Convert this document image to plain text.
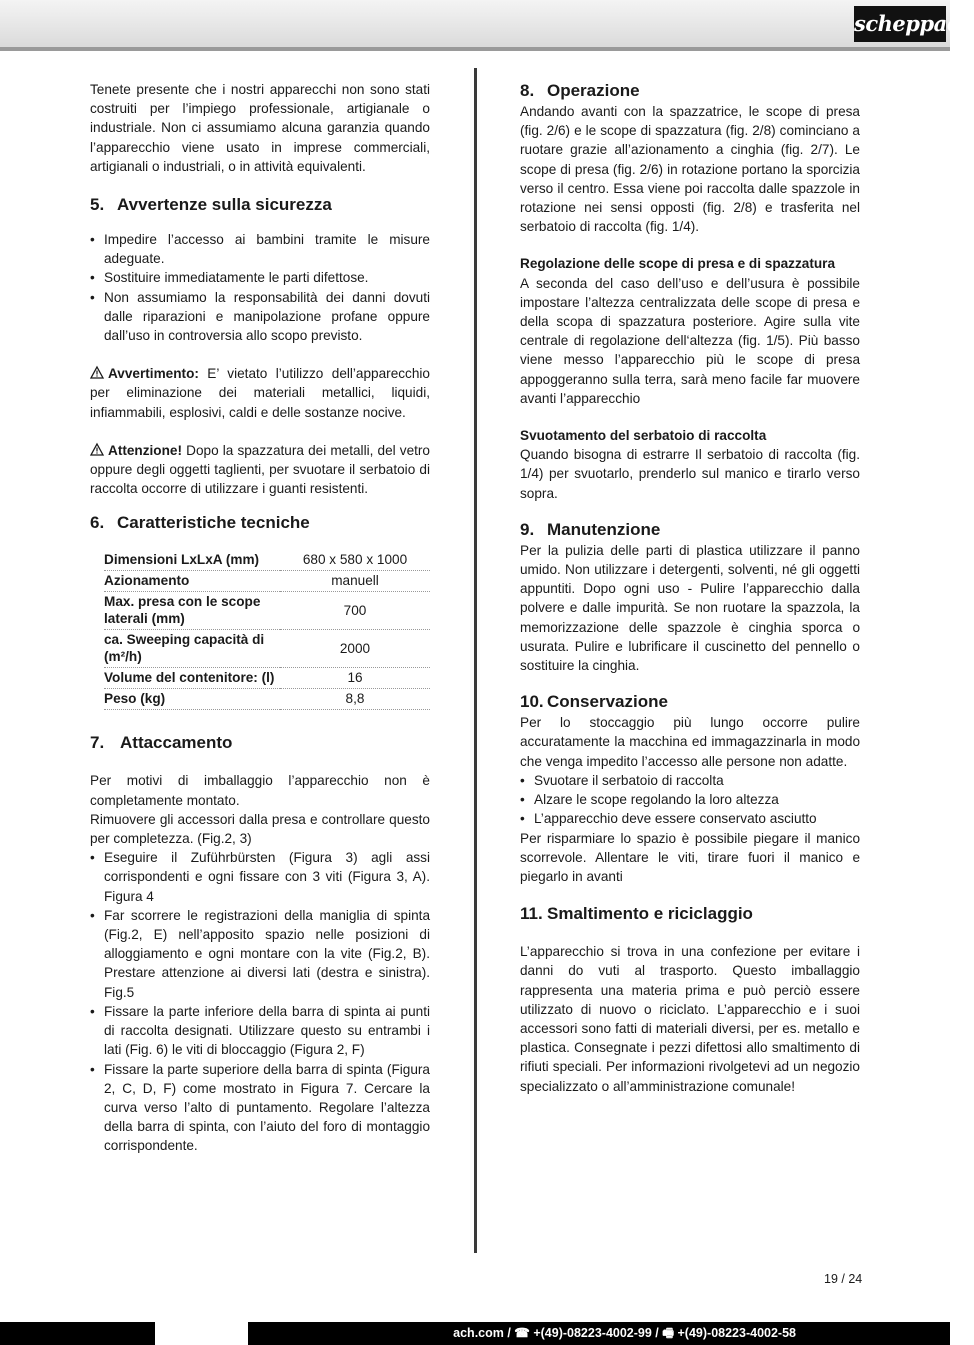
scheppach

Tenete presente che i nostri apparecchi non sono stati costruiti per l’impiego professionale, artigianale o industriale. Non ci assumiamo alcuna garanzia quando l’apparecchio viene usato in imprese commerciali, artigianali o industriali, o in attività equivalenti.

5. Avvertenze sulla sicurezza
• Impedire l’accesso ai bambini tramite le misure adeguate.
• Sostituire immediatamente le parti difettose.
• Non assumiamo la responsabilità dei danni dovuti dalle riparazioni e manipolazione profane oppure dall’uso in controversia allo scopo previsto.

Avvertimento: E’ vietato l’utilizzo dell’apparecchio per eliminazione dei materiali metallici, liquidi, infiammabili, esplosivi, caldi e delle sostanze nocive.

Attenzione! Dopo la spazzatura dei metalli, del vetro oppure degli oggetti taglienti, per svuotare il serbatoio di raccolta occorre di utilizzare i guanti resistenti.

6. Caratteristiche tecniche
Dimensioni LxLxA (mm)	680 x 580 x 1000
Azionamento	manuell
Max. presa con le scope laterali (mm)	700
ca. Sweeping capacità di (m²/h)	2000
Volume del contenitore: (l)	16
Peso (kg)	8,8
7. Attaccamento

Per motivi di imballaggio l’apparecchio non è completamente montato.

Rimuovere gli accessori dalla presa e controllare questo per completezza. (Fig.2, 3)

• Eseguire il Zuführbürsten (Figura 3) agli assi corrispondenti e ogni fissare con 3 viti (Figura 3, A). Figura 4
• Far scorrere le registrazioni della maniglia di spinta (Fig.2, E) nell’apposito spazio nelle posizioni di alloggiamento e ogni montare con la vite (Fig.2, B). Prestare attenzione ai diversi lati (destra e sinistra). Fig.5
• Fissare la parte inferiore della barra di spinta ai punti di raccolta designati. Utilizzare questo su entrambi i lati (Fig. 6) le viti di bloccaggio (Figura 2, F)
• Fissare la parte superiore della barra di spinta (Figura 2, C, D, F) come mostrato in Figura 7. Cercare la curva verso l’alto di puntamento. Regolare l’altezza della barra di spinta, con l’aiuto del foro di montaggio corrispondente.
8. Operazione

Andando avanti con la spazzatrice, le scope di presa (fig. 2/6) e le scope di spazzatura (fig. 2/8) cominciano a ruotare grazie all’azionamento a cinghia (fig. 2/7). Le scope di presa (fig. 2/6) in rotazione portano la sporcizia verso il centro. Essa viene poi raccolta dalle spazzole in rotazione nei sensi opposti (fig. 2/8) e trasferita nel serbatoio di raccolta (fig. 1/4).

Regolazione delle scope di presa e di spazzatura

A seconda del caso dell’uso e dell’usura è possibile impostare l’altezza centralizzata delle scope di presa e della scopa di spazzatura posteriore. Agire sulla vite centrale di regolazione dell‘altezza (fig. 1/5). Più basso viene messo l’apparecchio più le scope di presa appoggeranno sulla terra, sarà meno facile far muovere avanti l’apparecchio

Svuotamento del serbatoio di raccolta

Quando bisogna di estrarre Il serbatoio di raccolta (fig. 1/4) per svuotarlo, prenderlo sul manico e tirarlo verso sopra.

9. Manutenzione

Per la pulizia delle parti di plastica utilizzare il panno umido. Non utilizzare i detergenti, solventi, né gli oggetti appuntiti. Dopo ogni uso - Pulire l’apparecchio dalla polvere e dalle impurità. Se non ruotare la spazzola, la memorizzazione delle spazzole è cinghia sporca o usurata. Pulire e lubrificare il cuscinetto del pennello o sostituire la cinghia.

10. Conservazione

Per lo stoccaggio più lungo occorre pulire accuratamente la macchina ed immagazzinarla in modo che venga impedito l’accesso alle persone non adatte.

• Svuotare il serbatoio di raccolta
• Alzare le scope regolando la loro altezza
• L’apparecchio deve essere conservato asciutto

Per risparmiare lo spazio è possibile piegare il manico scorrevole. Allentare le viti, tirare fuori il manico e piegarlo in avanti

11. Smaltimento e riciclaggio

L’apparecchio si trova in una confezione per evitare i danni do vuti al trasporto. Questo imballaggio rappresenta una materia prima e può perciò essere utilizzato di nuovo o riciclato. L’apparecchio e i suoi accessori sono fatti di materiali diversi, per es. metallo e plastica. Consegnate i pezzi difettosi allo smaltimento di rifiuti speciali. Per informazioni rivolgetevi ad un negozio specializzato o all’amministrazione comunale!

19 / 24
ach.com / ☎ +(49)-08223-4002-99 / 🖷 +(49)-08223-4002-58
